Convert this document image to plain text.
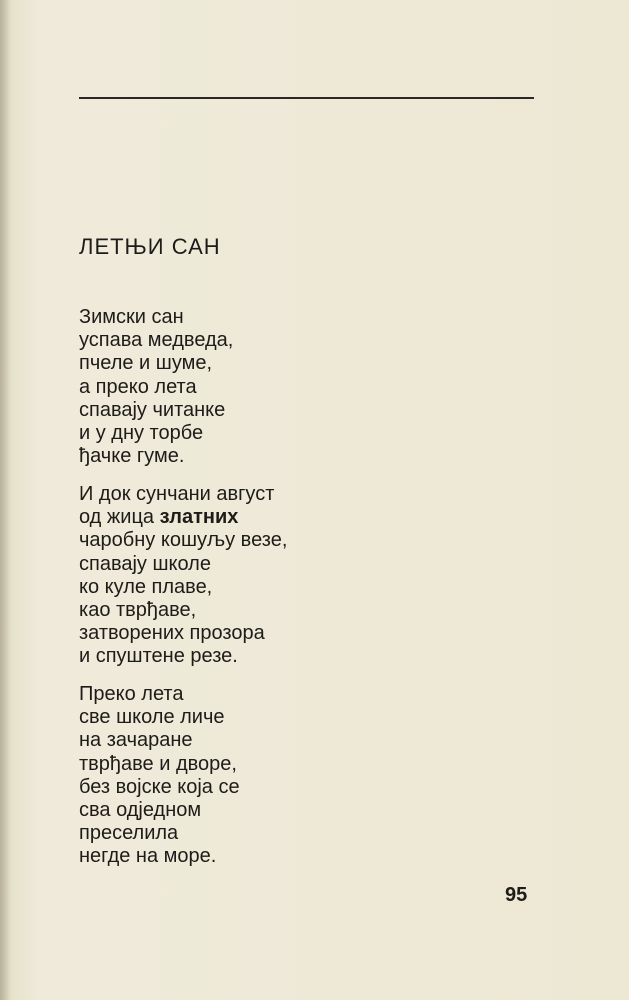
ЛЕТЊИ САН

Зимски сан
успава медведа,
пчеле и шуме,
а преко лета
спавају читанке
и у дну торбе
ђачке гуме.

И док сунчани август
од жица златних
чаробну кошуљу везе,
спавају школе
ко куле плаве,
као тврђаве,
затворених прозора
и спуштене резе.

Преко лета
све школе личе
на зачаране
тврђаве и дворе,
без војске која се
сва одједном
преселила
негде на море.

95
